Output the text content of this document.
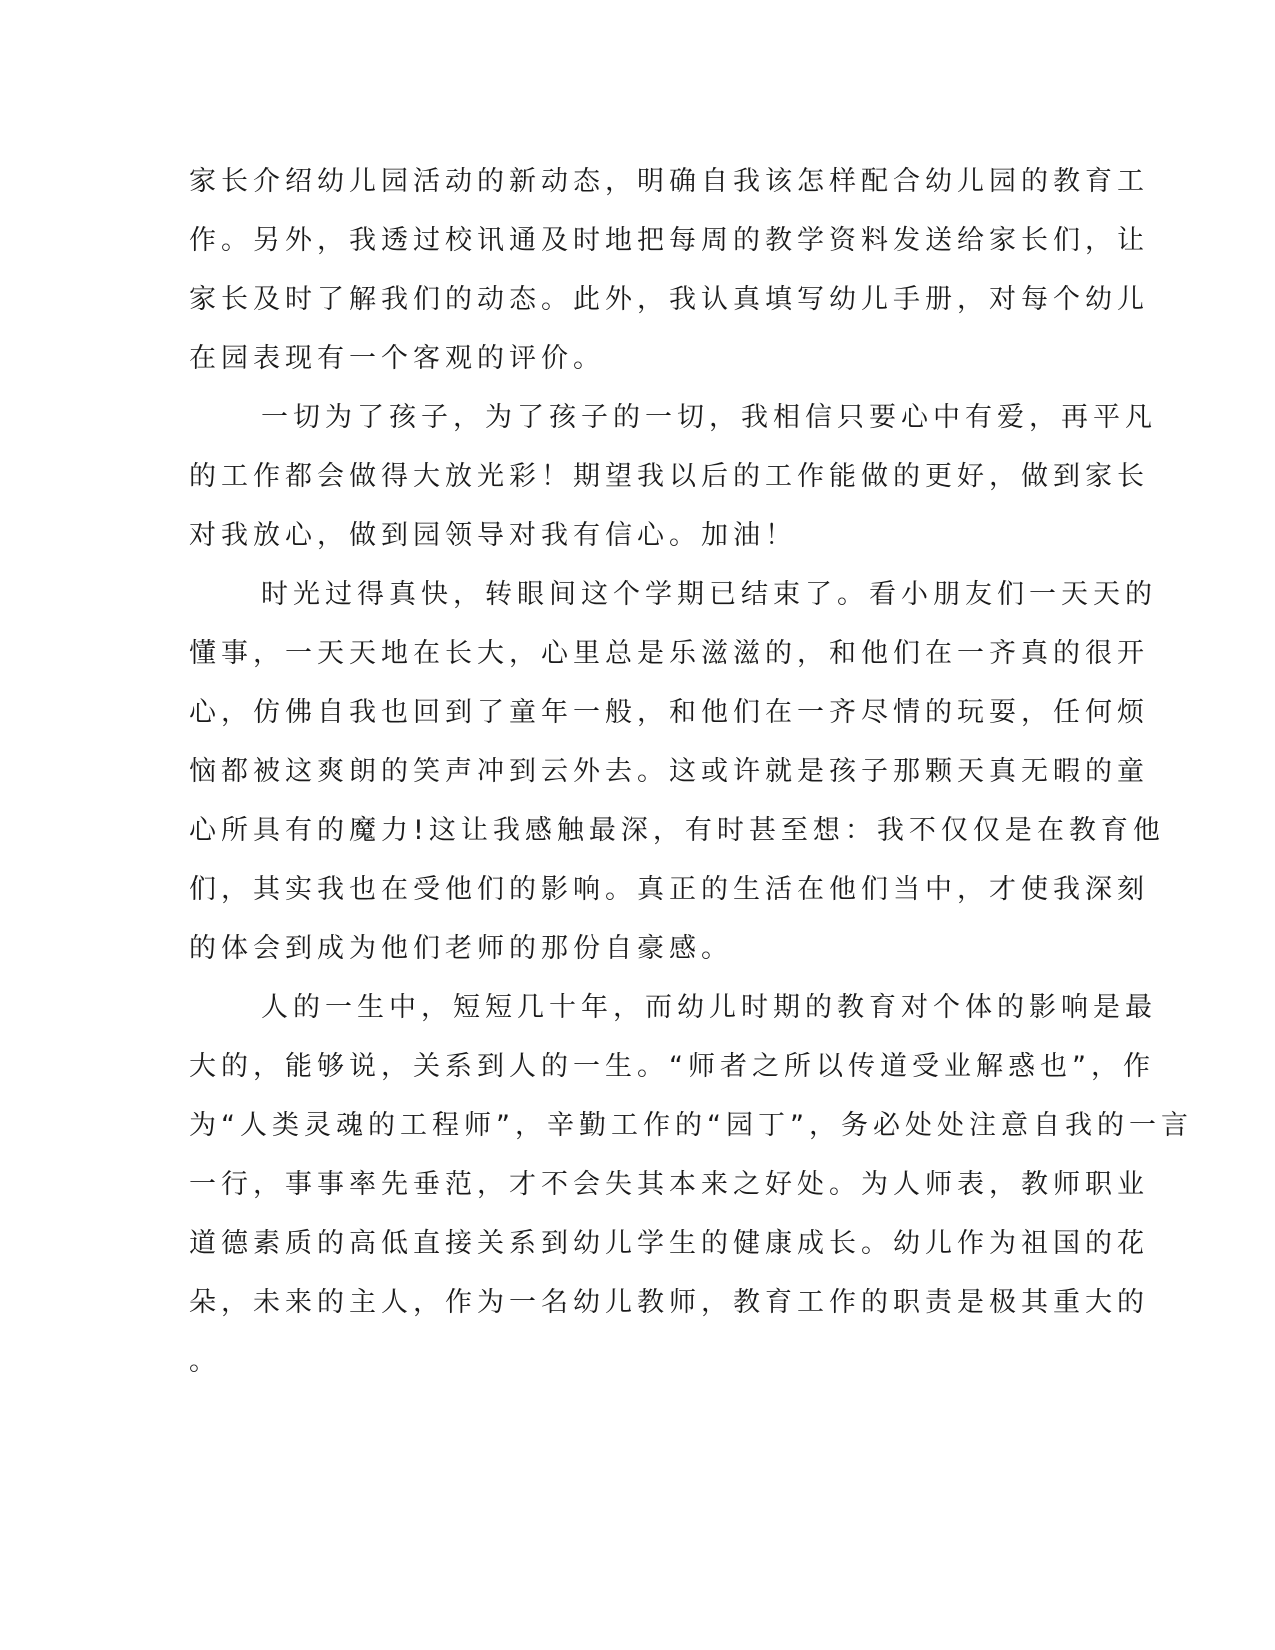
家长介绍幼儿园活动的新动态，明确自我该怎样配合幼儿园的教育工
作。另外，我透过校讯通及时地把每周的教学资料发送给家长们，让
家长及时了解我们的动态。此外，我认真填写幼儿手册，对每个幼儿
在园表现有一个客观的评价。
一切为了孩子，为了孩子的一切，我相信只要心中有爱，再平凡
的工作都会做得大放光彩！期望我以后的工作能做的更好，做到家长
对我放心，做到园领导对我有信心。加油！
时光过得真快，转眼间这个学期已结束了。看小朋友们一天天的
懂事，一天天地在长大，心里总是乐滋滋的，和他们在一齐真的很开
心，仿佛自我也回到了童年一般，和他们在一齐尽情的玩耍，任何烦
恼都被这爽朗的笑声冲到云外去。这或许就是孩子那颗天真无暇的童
心所具有的魔力!这让我感触最深，有时甚至想：我不仅仅是在教育他
们，其实我也在受他们的影响。真正的生活在他们当中，才使我深刻
的体会到成为他们老师的那份自豪感。
人的一生中，短短几十年，而幼儿时期的教育对个体的影响是最
大的，能够说，关系到人的一生。“师者之所以传道受业解惑也”，作
为“人类灵魂的工程师”，辛勤工作的“园丁”，务必处处注意自我的一言
一行，事事率先垂范，才不会失其本来之好处。为人师表，教师职业
道德素质的高低直接关系到幼儿学生的健康成长。幼儿作为祖国的花
朵，未来的主人，作为一名幼儿教师，教育工作的职责是极其重大的
。
